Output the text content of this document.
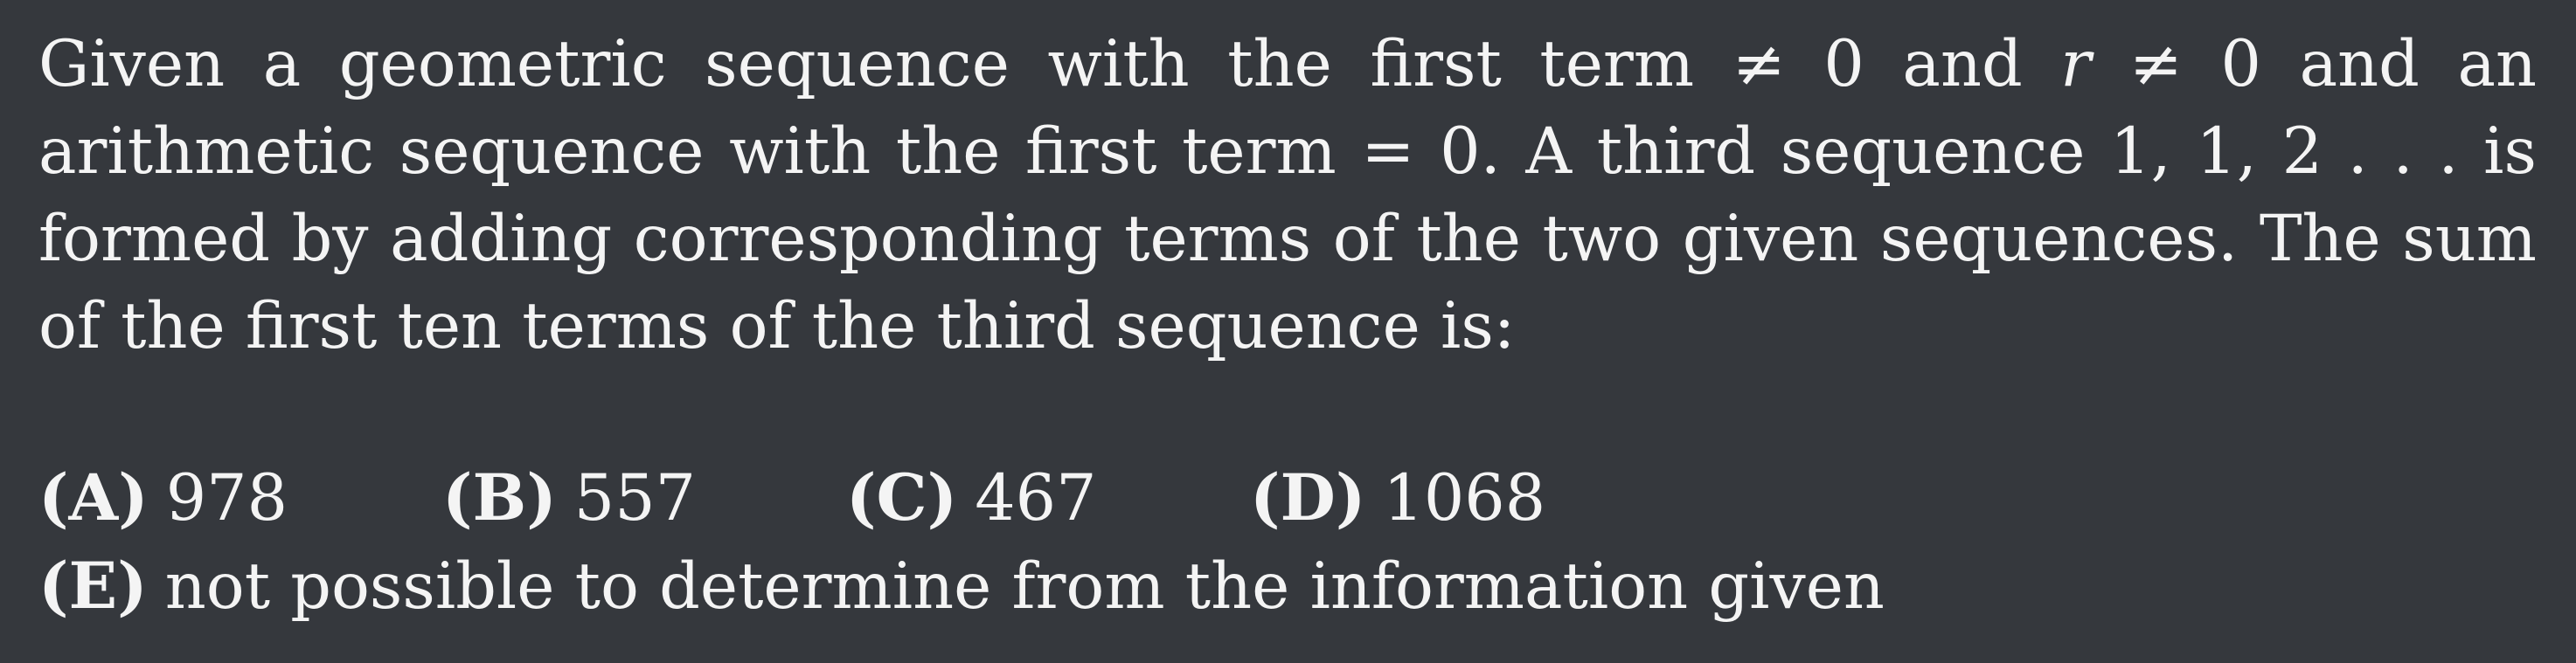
Given a geometric sequence with the first term ≠ 0 and r ≠ 0 and an arithmetic sequence with the first term = 0. A third sequence 1, 1, 2 . . . is formed by adding corresponding terms of the two given sequences. The sum of the first ten terms of the third sequence is:

(A) 978 (B) 557 (C) 467 (D) 1068
(E) not possible to determine from the information given
